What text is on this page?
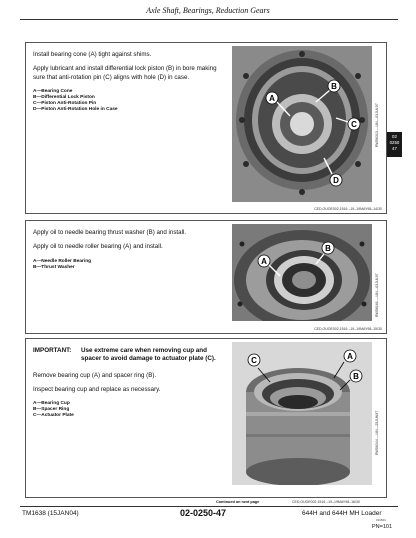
Axle Shaft, Bearings, Reduction Gears

Install bearing cone (A) tight against shims.

Apply lubricant and install differential lock piston (B) in bore making sure that anti-rotation pin (C) aligns with hole (D) in case.

A—Bearing Cone
B—Differential Lock Piston
C—Piston Anti-Rotation Pin
D—Piston Anti-Rotation Hole in Case
B
A
C
D
RW56313 —UN—03JUL97
CED,OUOE002,1516 –19–19MAY98–14/30
02
0250
47

Apply oil to needle bearing thrust washer (B) and install.

Apply oil to needle roller bearing (A) and install.

A—Needle Roller Bearing
B—Thrust Washer
B
A
RW56161 —UN—03JUL97
CED,OUOE002,1516 –19–19MAY98–15/30

IMPORTANT: Use extreme care when removing cup and spacer to avoid damage to actuator plate (C).

Remove bearing cup (A) and spacer ring (B).

Inspect bearing cup and replace as necessary.

A—Bearing Cup
B—Spacer Ring
C—Actuator Plate
C	A
B
RW56344 —UN—25JUN97
Continued on next page	CED,OUOE002,1516 –19–19MAY98–16/30
TM1638 (15JAN04)	02-0250-47	644H and 644H MH Loader
011504
PN=101
